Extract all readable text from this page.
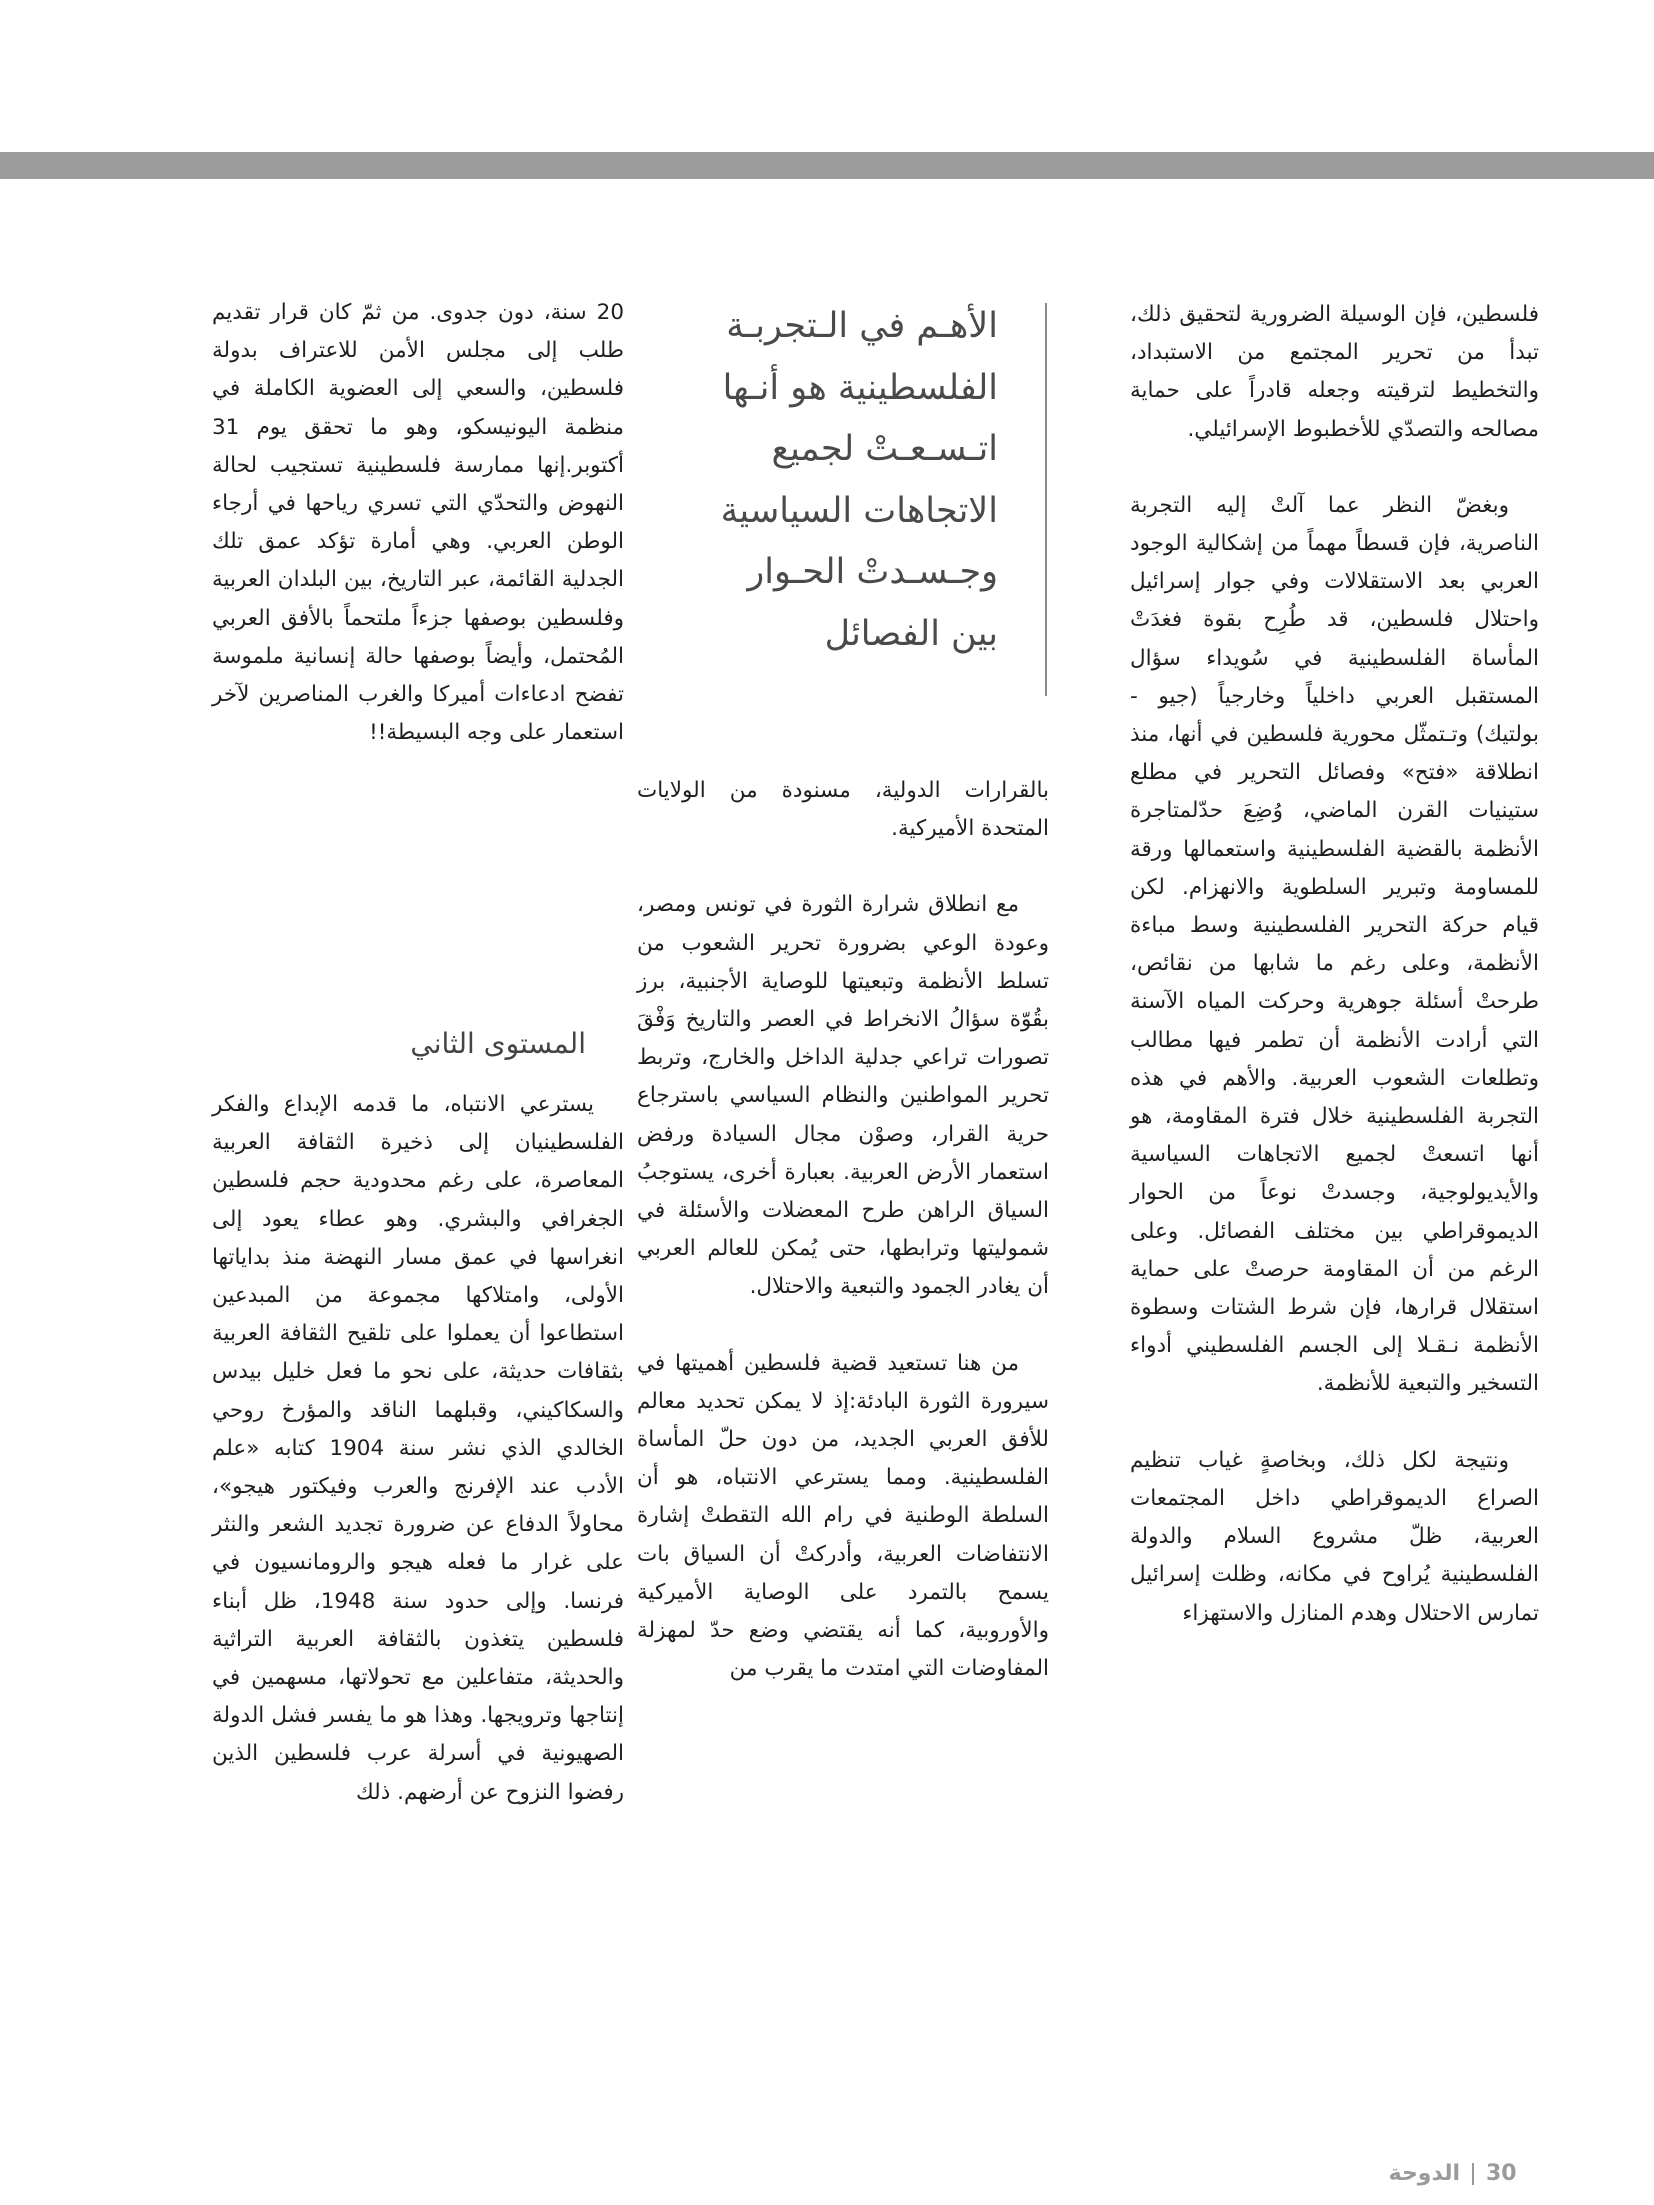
فلسطين، فإن الوسيلة الضرورية لتحقيق ذلك، تبدأ من تحرير المجتمع من الاستبداد، والتخطيط لترقيته وجعله قادراً على حماية مصالحه والتصدّي للأخطبوط الإسرائيلي.

وبغضّ النظر عما آلتْ إليه التجربة الناصرية، فإن قسطاً مهماً من إشكالية الوجود العربي بعد الاستقلالات وفي جوار إسرائيل واحتلال فلسطين، قد طُرِح بقوة فغدَتْ المأساة الفلسطينية في سُويداء سؤال المستقبل العربي داخلياً وخارجياً (جيو - بولتيك) وتـتمثّل محورية فلسطين في أنها، منذ انطلاقة «فتح» وفصائل التحرير في مطلع ستينيات القرن الماضي، وُضِعَ حدّلمتاجرة الأنظمة بالقضية الفلسطينية واستعمالها ورقة للمساومة وتبرير السلطوية والانهزام. لكن قيام حركة التحرير الفلسطينية وسط مباءة الأنظمة، وعلى رغم ما شابها من نقائص، طرحتْ أسئلة جوهرية وحركت المياه الآسنة التي أرادت الأنظمة أن تطمر فيها مطالب وتطلعات الشعوب العربية. والأهم في هذه التجربة الفلسطينية خلال فترة المقاومة، هو أنها اتسعتْ لجميع الاتجاهات السياسية والأيديولوجية، وجسدتْ نوعاً من الحوار الديموقراطي بين مختلف الفصائل. وعلى الرغم من أن المقاومة حرصتْ على حماية استقلال قرارها، فإن شرط الشتات وسطوة الأنظمة نـقـلا إلى الجسم الفلسطيني أدواء التسخير والتبعية للأنظمة.

ونتيجة لكل ذلك، وبخاصةٍ غياب تنظيم الصراع الديموقراطي داخل المجتمعات العربية، ظلّ مشروع السلام والدولة الفلسطينية يُراوح في مكانه، وظلت إسرائيل تمارس الاحتلال وهدم المنازل والاستهزاء

الأهـم في الـتجربـة الفلسطينية هو أنـها اتـسـعـتْ لجميع الاتجاهات السياسية وجـسـدتْ الحـوار بين الفصائل

بالقرارات الدولية، مسنودة من الولايات المتحدة الأميركية.

مع انطلاق شرارة الثورة في تونس ومصر، وعودة الوعي بضرورة تحرير الشعوب من تسلط الأنظمة وتبعيتها للوصاية الأجنبية، برز بقُوّة سؤالُ الانخراط في العصر والتاريخ وَفْقَ تصورات تراعي جدلية الداخل والخارج، وتربط تحرير المواطنين والنظام السياسي باسترجاع حرية القرار، وصوْن مجال السيادة ورفض استعمار الأرض العربية. بعبارة أخرى، يستوجبُ السياق الراهن طرح المعضلات والأسئلة في شموليتها وترابطها، حتى يُمكن للعالم العربي أن يغادر الجمود والتبعية والاحتلال.

من هنا تستعيد قضية فلسطين أهميتها في سيرورة الثورة البادئة:إذ لا يمكن تحديد معالم للأفق العربي الجديد، من دون حلّ المأساة الفلسطينية. ومما يسترعي الانتباه، هو أن السلطة الوطنية في رام الله التقطتْ إشارة الانتفاضات العربية، وأدركتْ أن السياق بات يسمح بالتمرد على الوصاية الأميركية والأوروبية، كما أنه يقتضي وضع حدّ لمهزلة المفاوضات التي امتدت ما يقرب من

20 سنة، دون جدوى. من ثمّ كان قرار تقديم طلب إلى مجلس الأمن للاعتراف بدولة فلسطين، والسعي إلى العضوية الكاملة في منظمة اليونيسكو، وهو ما تحقق يوم 31 أكتوبر.إنها ممارسة فلسطينية تستجيب لحالة النهوض والتحدّي التي تسري رياحها في أرجاء الوطن العربي. وهي أمارة تؤكد عمق تلك الجدلية القائمة، عبر التاريخ، بين البلدان العربية وفلسطين بوصفها جزءاً ملتحماً بالأفق العربي المُحتمل، وأيضاً بوصفها حالة إنسانية ملموسة تفضح ادعاءات أميركا والغرب المناصرين لآخر استعمار على وجه البسيطة!!

المستوى الثاني

يسترعي الانتباه، ما قدمه الإبداع والفكر الفلسطينيان إلى ذخيرة الثقافة العربية المعاصرة، على رغم محدودية حجم فلسطين الجغرافي والبشري. وهو عطاء يعود إلى انغراسها في عمق مسار النهضة منذ بداياتها الأولى، وامتلاكها مجموعة من المبدعين استطاعوا أن يعملوا على تلقيح الثقافة العربية بثقافات حديثة، على نحو ما فعل خليل بيدس والسكاكيني، وقبلهما الناقد والمؤرخ روحي الخالدي الذي نشر سنة 1904 كتابه «علم الأدب عند الإفرنج والعرب وفيكتور هيجو»، محاولاً الدفاع عن ضرورة تجديد الشعر والنثر على غرار ما فعله هيجو والرومانسيون في فرنسا. وإلى حدود سنة 1948، ظل أبناء فلسطين يتغذون بالثقافة العربية التراثية والحديثة، متفاعلين مع تحولاتها، مسهمين في إنتاجها وترويجها. وهذا هو ما يفسر فشل الدولة الصهيونية في أسرلة عرب فلسطين الذين رفضوا النزوح عن أرضهم. ذلك

الدوحة 30
